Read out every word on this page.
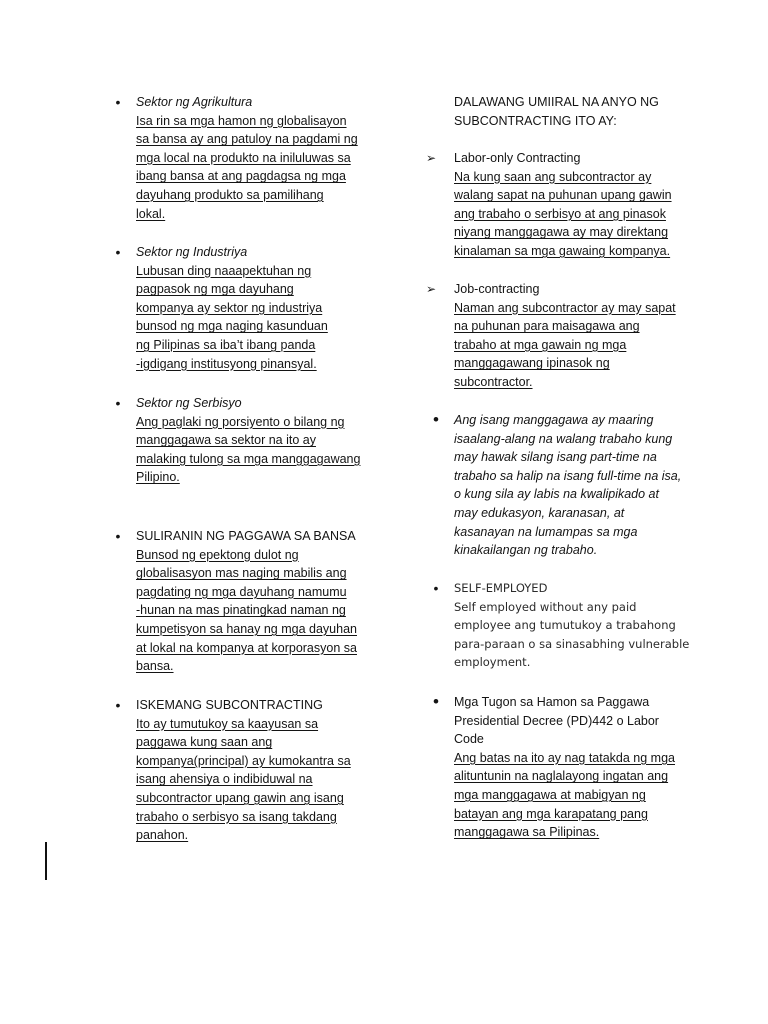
•	Sektor ng Agrikultura
Isa rin sa mga hamon ng globalisayon
sa bansa ay ang patuloy na pagdami ng
mga local na produkto na iniluluwas sa
ibang bansa at ang pagdagsa ng mga
dayuhang produkto sa pamilihang
lokal.
•	Sektor ng Industriya
Lubusan ding naaapektuhan ng
pagpasok ng mga dayuhang
kompanya ay sektor ng industriya
bunsod ng mga naging kasunduan
ng Pilipinas sa iba’t ibang panda
-igdigang institusyong pinansyal.
•	Sektor ng Serbisyo
Ang paglaki ng porsiyento o bilang ng
manggagawa sa sektor na ito ay
malaking tulong sa mga manggagawang
Pilipino.
•	SULIRANIN NG PAGGAWA SA BANSA
Bunsod ng epektong dulot ng
globalisasyon mas naging mabilis ang
pagdating ng mga dayuhang namumu
-hunan na mas pinatingkad naman ng
kumpetisyon sa hanay ng mga dayuhan
at lokal na kompanya at korporasyon sa
bansa.
•	ISKEMANG SUBCONTRACTING
Ito ay tumutukoy sa kaayusan sa
paggawa kung saan ang
kompanya(principal) ay kumokantra sa
isang ahensiya o indibiduwal na
subcontractor upang gawin ang isang
trabaho o serbisyo sa isang takdang
panahon.
DALAWANG UMIIRAL NA ANYO NG
SUBCONTRACTING ITO AY:
➢	Labor-only Contracting
Na kung saan ang subcontractor ay
walang sapat na puhunan upang gawin
ang trabaho o serbisyo at ang pinasok
niyang manggagawa ay may direktang
kinalaman sa mga gawaing kompanya.
➢	Job-contracting
Naman ang subcontractor ay may sapat
na puhunan para maisagawa ang
trabaho at mga gawain ng mga
manggagawang ipinasok ng
subcontractor.
•	Ang isang manggagawa ay maaring
isaalang-alang na walang trabaho kung
may hawak silang isang part-time na
trabaho sa halip na isang full-time na isa,
o kung sila ay labis na kwalipikado at
may edukasyon, karanasan, at
kasanayan na lumampas sa mga
kinakailangan ng trabaho.
•	SELF-EMPLOYED
Self employed without any paid
employee ang tumutukoy a trabahong
para-paraan o sa sinasabhing vulnerable
employment.
•	Mga Tugon sa Hamon sa Paggawa
Presidential Decree (PD)442 o Labor
Code
Ang batas na ito ay nag tatakda ng mga
alituntunin na naglalayong ingatan ang
mga manggagawa at mabigyan ng
batayan ang mga karapatang pang
manggagawa sa Pilipinas.
